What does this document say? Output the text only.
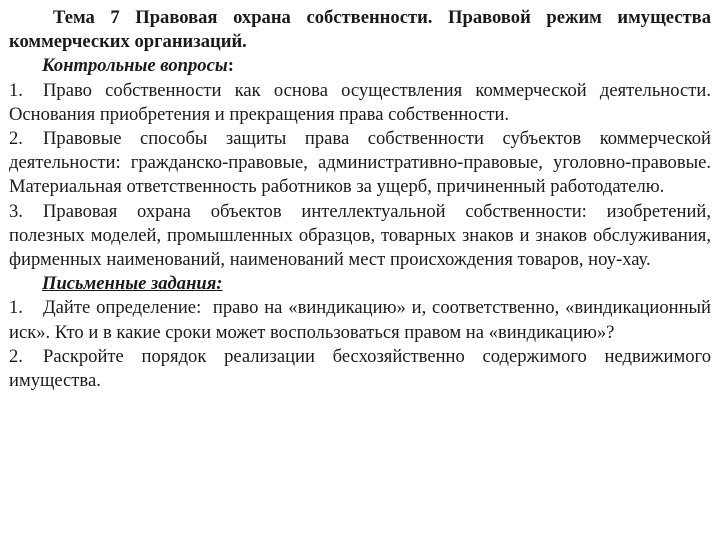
Тема 7 Правовая охрана собственности. Правовой режим имущества коммерческих организаций.

Контрольные вопросы:

1. Право собственности как основа осуществления коммерческой деятельности. Основания приобретения и прекращения права собственности.

2. Правовые способы защиты права собственности субъектов коммерческой деятельности: гражданско-правовые, административно-правовые, уголовно-правовые. Материальная ответственность работников за ущерб, причиненный работодателю.

3. Правовая охрана объектов интеллектуальной собственности: изобретений, полезных моделей, промышленных образцов, товарных знаков и знаков обслуживания, фирменных наименований, наименований мест происхождения товаров, ноу-хау.

Письменные задания:

1. Дайте определение:  право на «виндикацию» и, соответственно, «виндикационный иск». Кто и в какие сроки может воспользоваться правом на «виндикацию»?

2. Раскройте порядок реализации бесхозяйственно содержимого недвижимого имущества.
